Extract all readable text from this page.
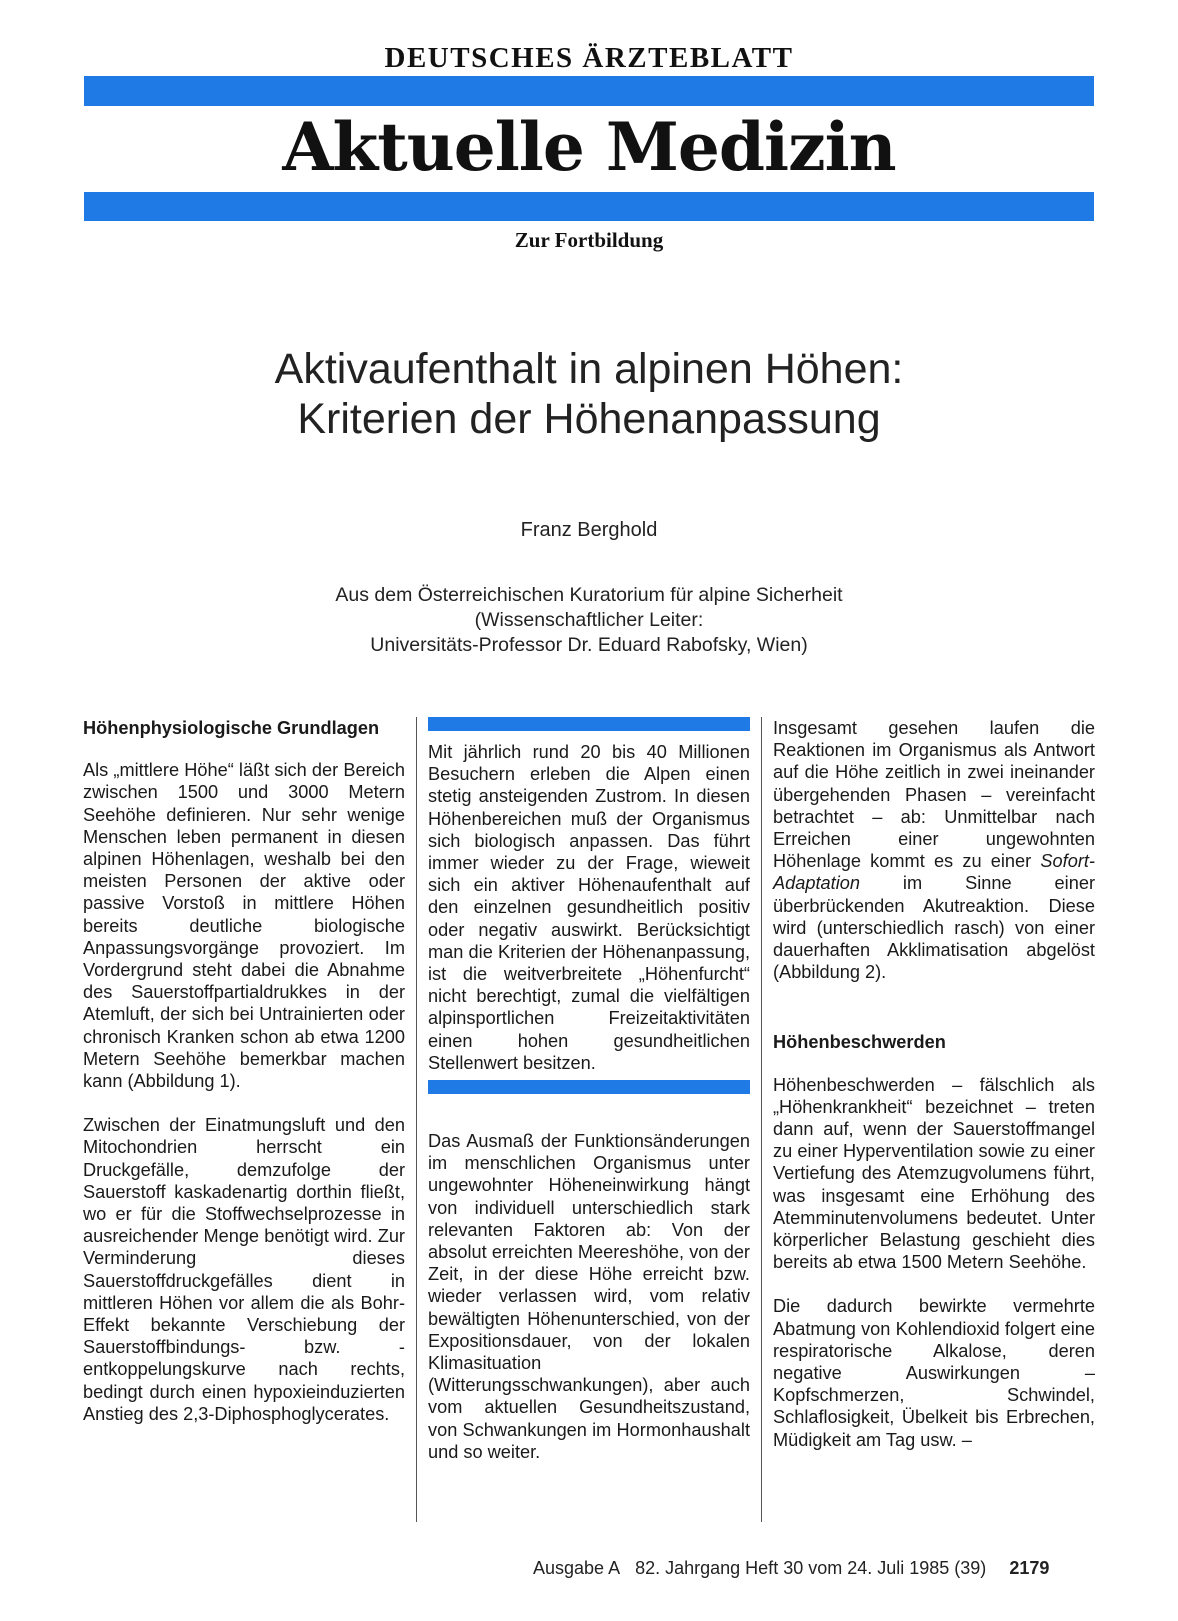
DEUTSCHES ÄRZTEBLATT
Aktuelle Medizin
Zur Fortbildung
Aktivaufenthalt in alpinen Höhen:
Kriterien der Höhenanpassung
Franz Berghold
Aus dem Österreichischen Kuratorium für alpine Sicherheit
(Wissenschaftlicher Leiter:
Universitäts-Professor Dr. Eduard Rabofsky, Wien)
Höhenphysiologische Grundlagen

Als „mittlere Höhe“ läßt sich der Bereich zwischen 1500 und 3000 Metern Seehöhe definieren. Nur sehr wenige Menschen leben permanent in diesen alpinen Höhenlagen, weshalb bei den meisten Personen der aktive oder passive Vorstoß in mittlere Höhen bereits deutliche biologische Anpassungsvorgänge provoziert. Im Vordergrund steht dabei die Abnahme des Sauerstoffpartialdrukkes in der Atemluft, der sich bei Untrainierten oder chronisch Kranken schon ab etwa 1200 Metern Seehöhe bemerkbar machen kann (Abbildung 1).

Zwischen der Einatmungsluft und den Mitochondrien herrscht ein Druckgefälle, demzufolge der Sauerstoff kaskadenartig dorthin fließt, wo er für die Stoffwechselprozesse in ausreichender Menge benötigt wird. Zur Verminderung dieses Sauerstoffdruckgefälles dient in mittleren Höhen vor allem die als Bohr-Effekt bekannte Verschiebung der Sauerstoffbindungs- bzw. -entkoppelungskurve nach rechts, bedingt durch einen hypoxieinduzierten Anstieg des 2,3-Diphosphoglycerates.

Mit jährlich rund 20 bis 40 Millionen Besuchern erleben die Alpen einen stetig ansteigenden Zustrom. In diesen Höhenbereichen muß der Organismus sich biologisch anpassen. Das führt immer wieder zu der Frage, wieweit sich ein aktiver Höhenaufenthalt auf den einzelnen gesundheitlich positiv oder negativ auswirkt. Berücksichtigt man die Kriterien der Höhenanpassung, ist die weitverbreitete „Höhenfurcht“ nicht berechtigt, zumal die vielfältigen alpinsportlichen Freizeitaktivitäten einen hohen gesundheitlichen Stellenwert besitzen.

Das Ausmaß der Funktionsänderungen im menschlichen Organismus unter ungewohnter Höheneinwirkung hängt von individuell unterschiedlich stark relevanten Faktoren ab: Von der absolut erreichten Meereshöhe, von der Zeit, in der diese Höhe erreicht bzw. wieder verlassen wird, vom relativ bewältigten Höhenunterschied, von der Expositionsdauer, von der lokalen Klimasituation (Witterungsschwankungen), aber auch vom aktuellen Gesundheitszustand, von Schwankungen im Hormonhaushalt und so weiter.

Insgesamt gesehen laufen die Reaktionen im Organismus als Antwort auf die Höhe zeitlich in zwei ineinander übergehenden Phasen – vereinfacht betrachtet – ab: Unmittelbar nach Erreichen einer ungewohnten Höhenlage kommt es zu einer Sofort-Adaptation im Sinne einer überbrückenden Akutreaktion. Diese wird (unterschiedlich rasch) von einer dauerhaften Akklimatisation abgelöst (Abbildung 2).

Höhenbeschwerden

Höhenbeschwerden – fälschlich als „Höhenkrankheit“ bezeichnet – treten dann auf, wenn der Sauerstoffmangel zu einer Hyperventilation sowie zu einer Vertiefung des Atemzugvolumens führt, was insgesamt eine Erhöhung des Atemminutenvolumens bedeutet. Unter körperlicher Belastung geschieht dies bereits ab etwa 1500 Metern Seehöhe.

Die dadurch bewirkte vermehrte Abatmung von Kohlendioxid folgert eine respiratorische Alkalose, deren negative Auswirkungen – Kopfschmerzen, Schwindel, Schlaflosigkeit, Übelkeit bis Erbrechen, Müdigkeit am Tag usw. –

Ausgabe A 82. Jahrgang Heft 30 vom 24. Juli 1985 (39) 2179
